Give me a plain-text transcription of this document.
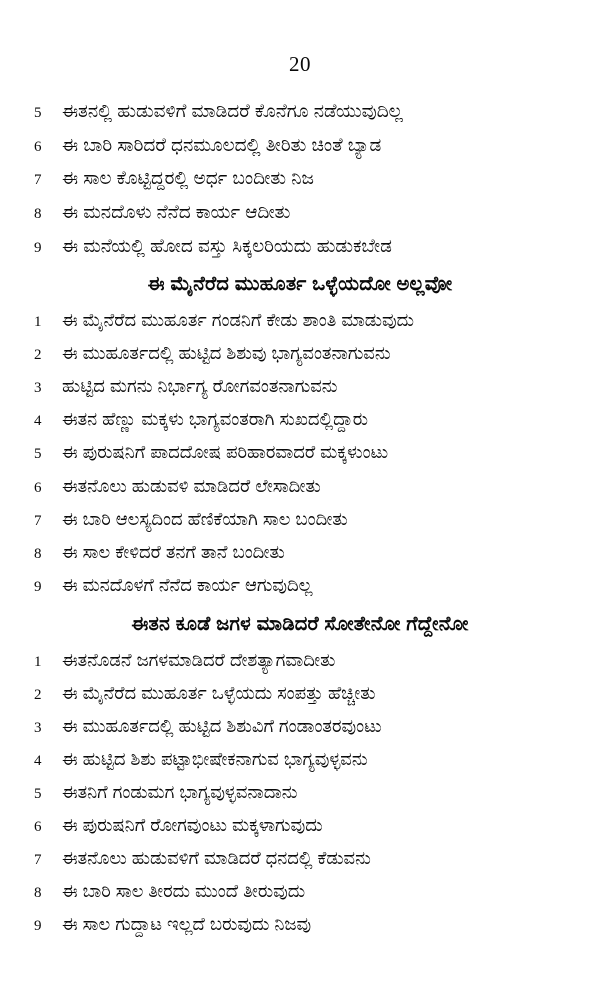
20
5	ಈತನಲ್ಲಿ ಹುಡುವಳಿಗೆ ಮಾಡಿದರೆ ಕೊನೆಗೂ ನಡೆಯುವುದಿಲ್ಲ
6	ಈ ಬಾರಿ ಸಾರಿದರೆ ಧನಮೂಲದಲ್ಲಿ ತೀರಿತು ಚಿಂತೆ ಬ್ಯಾಡ
7	ಈ ಸಾಲ ಕೊಟ್ಟಿದ್ದರಲ್ಲಿ ಅರ್ಧ ಬಂದೀತು ನಿಜ
8	ಈ ಮನದೊಳು ನೆನೆದ ಕಾರ್ಯ ಆದೀತು
9	ಈ ಮನೆಯಲ್ಲಿ ಹೋದ ವಸ್ತು ಸಿಕ್ಕಲರಿಯದು ಹುಡುಕಬೇಡ
ಈ ಮೈನೆರೆದ ಮುಹೂರ್ತ ಒಳ್ಳೆಯದೋ ಅಲ್ಲವೋ
1	ಈ ಮೈನೆರೆದ ಮುಹೂರ್ತ ಗಂಡನಿಗೆ ಕೇಡು ಶಾಂತಿ ಮಾಡುವುದು
2	ಈ ಮುಹೂರ್ತದಲ್ಲಿ ಹುಟ್ಟಿದ ಶಿಶುವು ಭಾಗ್ಯವಂತನಾಗುವನು
3	ಹುಟ್ಟಿದ ಮಗನು ನಿರ್ಭಾಗ್ಯ ರೋಗವಂತನಾಗುವನು
4	ಈತನ ಹೆಣ್ಣು ಮಕ್ಕಳು ಭಾಗ್ಯವಂತರಾಗಿ ಸುಖದಲ್ಲಿದ್ದಾರು
5	ಈ ಪುರುಷನಿಗೆ ಪಾದದೋಷ ಪರಿಹಾರವಾದರೆ ಮಕ್ಕಳುಂಟು
6	ಈತನೊಲು ಹುಡುವಳಿ ಮಾಡಿದರೆ ಲೇಸಾದೀತು
7	ಈ ಬಾರಿ ಆಲಸ್ಯದಿಂದ ಹೆಣಿಕೆಯಾಗಿ ಸಾಲ ಬಂದೀತು
8	ಈ ಸಾಲ ಕೇಳಿದರೆ ತನಗೆ ತಾನೆ ಬಂದೀತು
9	ಈ ಮನದೊಳಗೆ ನೆನೆದ ಕಾರ್ಯ ಆಗುವುದಿಲ್ಲ
ಈತನ ಕೂಡೆ ಜಗಳ ಮಾಡಿದರೆ ಸೋತೇನೋ ಗೆದ್ದೇನೋ
1	ಈತನೊಡನೆ ಜಗಳಮಾಡಿದರೆ ದೇಶತ್ಯಾಗವಾದೀತು
2	ಈ ಮೈನೆರೆದ ಮುಹೂರ್ತ ಒಳ್ಳೆಯದು ಸಂಪತ್ತು ಹೆಚ್ಚೀತು
3	ಈ ಮುಹೂರ್ತದಲ್ಲಿ ಹುಟ್ಟಿದ ಶಿಶುವಿಗೆ ಗಂಡಾಂತರವುಂಟು
4	ಈ ಹುಟ್ಟಿದ ಶಿಶು ಪಟ್ಟಾಭೀಷೇಕನಾಗುವ ಭಾಗ್ಯವುಳ್ಳವನು
5	ಈತನಿಗೆ ಗಂಡುಮಗ ಭಾಗ್ಯವುಳ್ಳವನಾದಾನು
6	ಈ ಪುರುಷನಿಗೆ ರೋಗವುಂಟು ಮಕ್ಕಳಾಗುವುದು
7	ಈತನೊಲು ಹುಡುವಳಿಗೆ ಮಾಡಿದರೆ ಧನದಲ್ಲಿ ಕೆಡುವನು
8	ಈ ಬಾರಿ ಸಾಲ ತೀರದು ಮುಂದೆ ತೀರುವುದು
9	ಈ ಸಾಲ ಗುದ್ದಾಟ ಇಲ್ಲದೆ ಬರುವುದು ನಿಜವು
